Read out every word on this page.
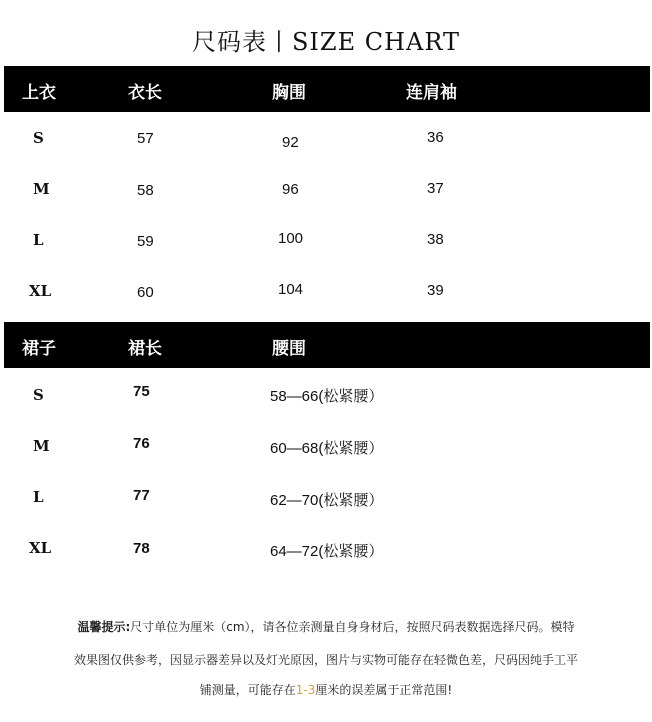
尺码表丨SIZE CHART
上衣	衣长	胸围	连肩袖
S	57	92	36
M	58	96	37
L	59	100	38
XL	60	104	39
裙子	裙长	腰围
S	75	58—66(松紧腰）
M	76	60—68(松紧腰）
L	77	62—70(松紧腰）
XL	78	64—72(松紧腰）
温馨提示:尺寸单位为厘米（cm），请各位亲测量自身身材后，按照尺码表数据选择尺码。模特
效果图仅供参考，因显示器差异以及灯光原因，图片与实物可能存在轻微色差，尺码因纯手工平
铺测量，可能存在1-3厘米的误差属于正常范围!
